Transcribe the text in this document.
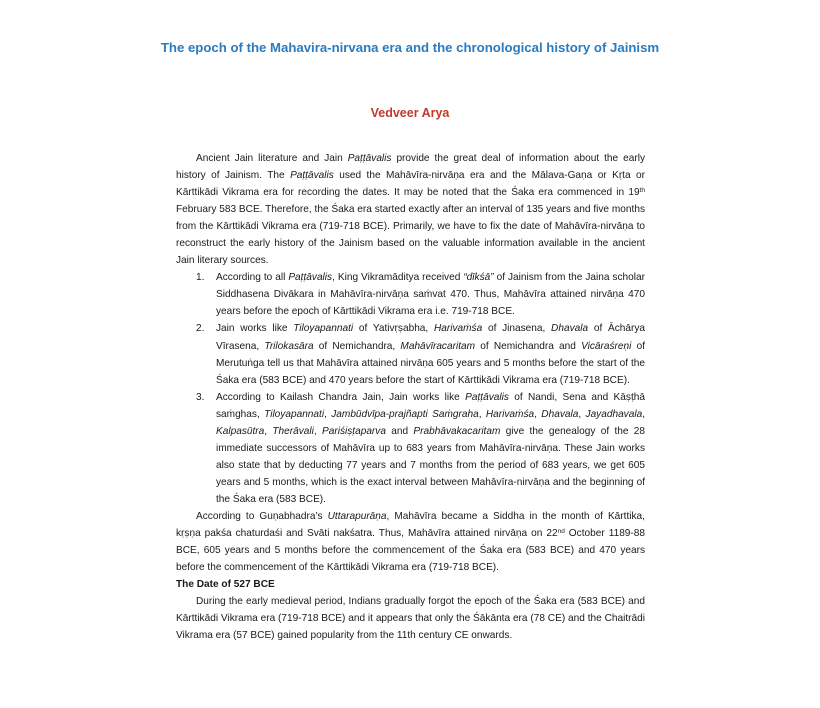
The epoch of the Mahavira-nirvana era and the chronological history of Jainism
Vedveer Arya

Ancient Jain literature and Jain Paṭṭāvalis provide the great deal of information about the early history of Jainism. The Paṭṭāvalis used the Mahāvīra-nirvāṇa era and the Mālava-Gaṇa or Kṛta or Kārttikādi Vikrama era for recording the dates. It may be noted that the Śaka era commenced in 19th February 583 BCE. Therefore, the Śaka era started exactly after an interval of 135 years and five months from the Kārttikādi Vikrama era (719-718 BCE). Primarily, we have to fix the date of Mahāvīra-nirvāṇa to reconstruct the early history of the Jainism based on the valuable information available in the ancient Jain literary sources.

1. According to all Paṭṭāvalis, King Vikramāditya received “dīkśā” of Jainism from the Jaina scholar Siddhasena Divākara in Mahāvīra-nirvāṇa saṁvat 470. Thus, Mahāvīra attained nirvāṇa 470 years before the epoch of Kārttikādi Vikrama era i.e. 719-718 BCE.

2. Jain works like Tiloyapannati of Yativṛṣabha, Harivaṁśa of Jinasena, Dhavala of Āchārya Vīrasena, Trilokasāra of Nemichandra, Mahāvīracaritam of Nemichandra and Vicāraśreṇi of Merutuṅga tell us that Mahāvīra attained nirvāṇa 605 years and 5 months before the start of the Śaka era (583 BCE) and 470 years before the start of Kārttikādi Vikrama era (719-718 BCE).

3. According to Kailash Chandra Jain, Jain works like Paṭṭāvalis of Nandi, Sena and Kāṣṭhā saṁghas, Tiloyapannati, Jambūdvīpa-prajñapti Saṁgraha, Harivaṁśa, Dhavala, Jayadhavala, Kalpasūtra, Therāvali, Pariśiṣṭaparva and Prabhāvakacaritam give the genealogy of the 28 immediate successors of Mahāvīra up to 683 years from Mahāvīra-nirvāṇa. These Jain works also state that by deducting 77 years and 7 months from the period of 683 years, we get 605 years and 5 months, which is the exact interval between Mahāvīra-nirvāṇa and the beginning of the Śaka era (583 BCE).

According to Guṇabhadra’s Uttarapurāṇa, Mahāvīra became a Siddha in the month of Kārttika, kṛṣṇa pakśa chaturdaśi and Svāti nakśatra. Thus, Mahāvīra attained nirvāṇa on 22nd October 1189-88 BCE, 605 years and 5 months before the commencement of the Śaka era (583 BCE) and 470 years before the commencement of the Kārttikādi Vikrama era (719-718 BCE).

The Date of 527 BCE

During the early medieval period, Indians gradually forgot the epoch of the Śaka era (583 BCE) and Kārttikādi Vikrama era (719-718 BCE) and it appears that only the Śākānta era (78 CE) and the Chaitrādi Vikrama era (57 BCE) gained popularity from the 11th century CE onwards.
